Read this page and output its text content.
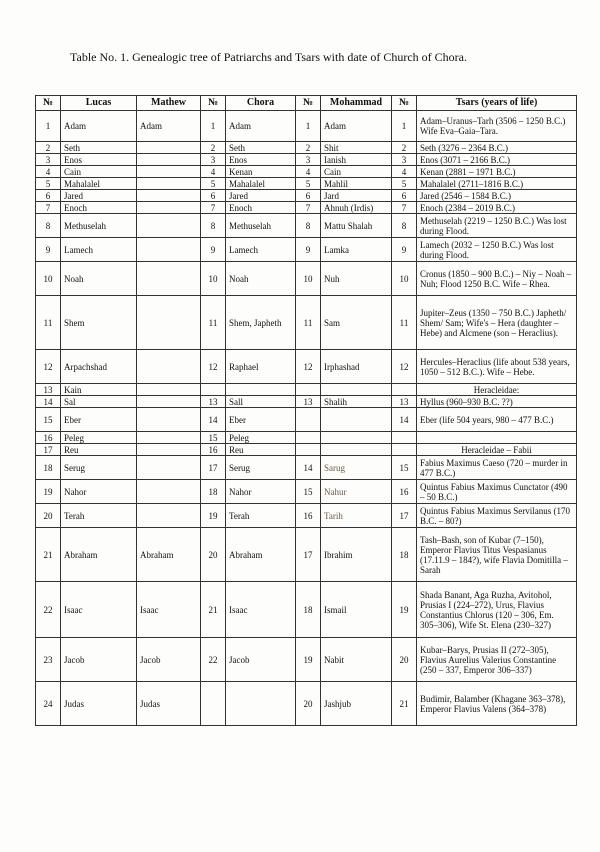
Table No. 1. Genealogic tree of Patriarchs and Tsars with date of Church of Chora.
№	Lucas	Mathew	№	Chora	№	Mohammad	№	Tsars (years of life)
1	Adam	Adam	1	Adam	1	Adam	1	Adam–Uranus–Tarh (3506 – 1250 B.C.) Wife Eva–Gaia–Tara.
2	Seth		2	Seth	2	Shit	2	Seth (3276 – 2364 B.C.)
3	Enos		3	Enos	3	Ianish	3	Enos (3071 – 2166 B.C.)
4	Cain		4	Kenan	4	Cain	4	Kenan (2881 – 1971 B.C.)
5	Mahalalel		5	Mahalalel	5	Mahlil	5	Mahalalel (2711–1816 B.C.)
6	Jared		6	Jared	6	Jard	6	Jared (2546 – 1584 B.C.)
7	Enoch		7	Enoch	7	Ahnuh (Irdis)	7	Enoch (2384 – 2019 B.C.)
8	Methuselah		8	Methuselah	8	Mattu Shalah	8	Methuselah (2219 – 1250 B.C.) Was lost during Flood.
9	Lamech		9	Lamech	9	Lamka	9	Lamech (2032 – 1250 B.C.) Was lost during Flood.
10	Noah		10	Noah	10	Nuh	10	Cronus (1850 – 900 B.C.) – Niy – Noah – Nuh; Flood 1250 B.C. Wife – Rhea.
11	Shem		11	Shem, Japheth	11	Sam	11	Jupiter–Zeus (1350 – 750 B.C.) Japheth/ Shem/ Sam; Wife's – Hera (daughter – Hebe) and Alcmene (son – Heraclius).
12	Arpachshad		12	Raphael	12	Irphashad	12	Hercules–Heraclius (life about 538 years, 1050 – 512 B.C.). Wife – Hebe.
13	Kain							Heracleidae:
14	Sal		13	Sall	13	Shalih	13	Hyllus (960–930 B.C. ??)
15	Eber		14	Eber			14	Eber (life 504 years, 980 – 477 B.C.)
16	Peleg		15	Peleg				
17	Reu		16	Reu				Heracleidae – Fabii
18	Serug		17	Serug	14	Sarug	15	Fabius Maximus Caeso (720 – murder in 477 B.C.)
19	Nahor		18	Nahor	15	Nahur	16	Quintus Fabius Maximus Cunctator (490 – 50 B.C.)
20	Terah		19	Terah	16	Tarih	17	Quintus Fabius Maximus Servilanus (170 B.C. – 80?)
21	Abraham	Abraham	20	Abraham	17	Ibrahim	18	Tash–Bash, son of Kubar (7–150), Emperor Flavius Titus Vespasianus (17.11.9 – 184?), wife Flavia Domitilla – Sarah
22	Isaac	Isaac	21	Isaac	18	Ismail	19	Shada Banant, Aga Ruzha, Avitohol, Prusias I (224–272), Urus, Flavius Constantius Chlorus (120 – 306, Em. 305–306), Wife St. Elena (230–327)
23	Jacob	Jacob	22	Jacob	19	Nabit	20	Kubar–Barys, Prusias II (272–305), Flavius Aurelius Valerius Constantine (250 – 337, Emperor 306–337)
24	Judas	Judas			20	Jashjub	21	Budimir, Balamber (Khagane 363–378), Emperor Flavius Valens (364–378)
